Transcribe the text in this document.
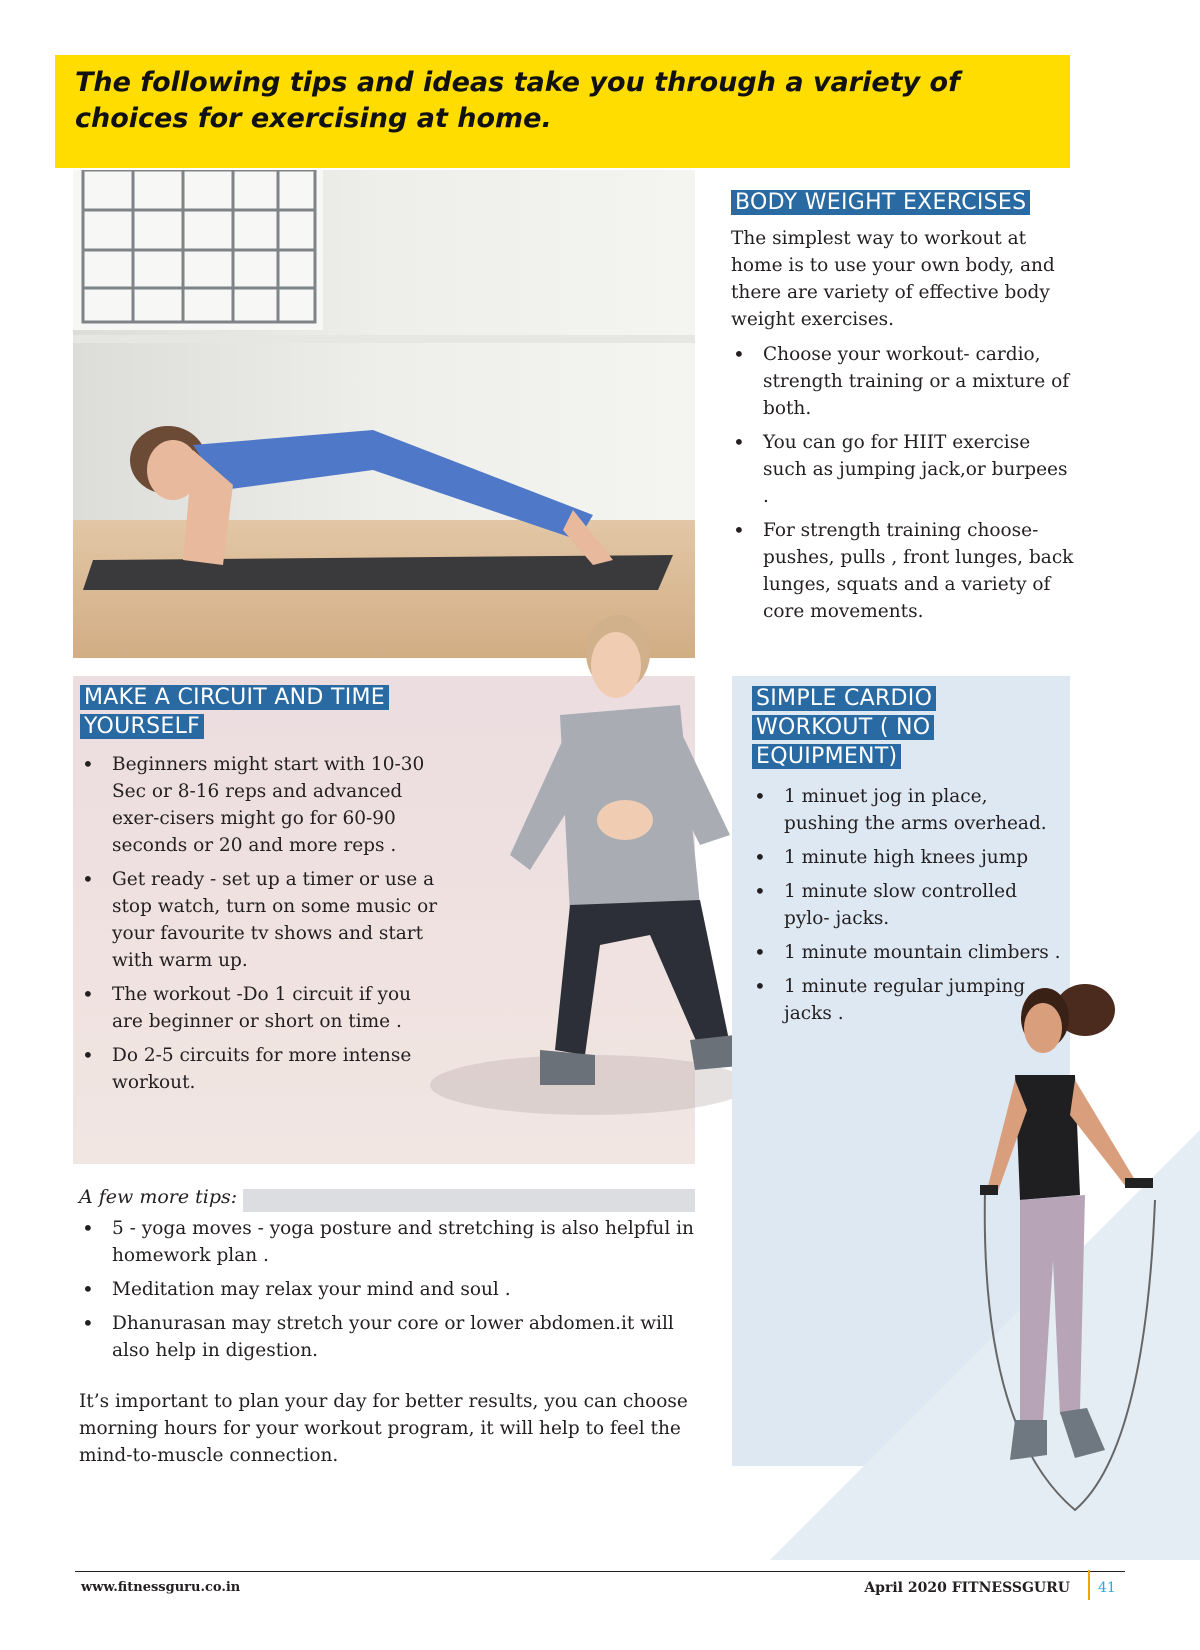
The following tips and ideas take you through a variety of choices for exercising at home.

BODY WEIGHT EXERCISES

The simplest way to workout at home is to use your own body, and there are variety of effective body weight exercises.

• Choose your workout- cardio, strength training or a mixture of both.
• You can go for HIIT exercise such as jumping jack,or burpees .
• For strength training choose- pushes, pulls , front lunges, back lunges, squats and a variety of core movements.
MAKE A CIRCUIT AND TIME YOURSELF
• Beginners might start with 10-30 Sec or 8-16 reps and advanced exer-cisers might go for 60-90 seconds or 20 and more reps .
• Get ready - set up a timer or use a stop watch, turn on some music or your favourite tv shows and start with warm up.
• The workout -Do 1 circuit if you are beginner or short on time .
• Do 2-5 circuits for more intense workout.
SIMPLE CARDIO WORKOUT ( NO EQUIPMENT)
• 1 minuet jog in place, pushing the arms overhead.
• 1 minute high knees jump
• 1 minute slow controlled pylo- jacks.
• 1 minute mountain climbers .
• 1 minute regular jumping jacks .

A few more tips:

• 5 - yoga moves - yoga posture and stretching is also helpful in homework plan .
• Meditation may relax your mind and soul .
• Dhanurasan may stretch your core or lower abdomen.it will also help in digestion.

It’s important to plan your day for better results, you can choose morning hours for your workout program, it will help to feel the mind-to-muscle connection.

www.fitnessguru.co.in	April 2020 FITNESSGURU 41
